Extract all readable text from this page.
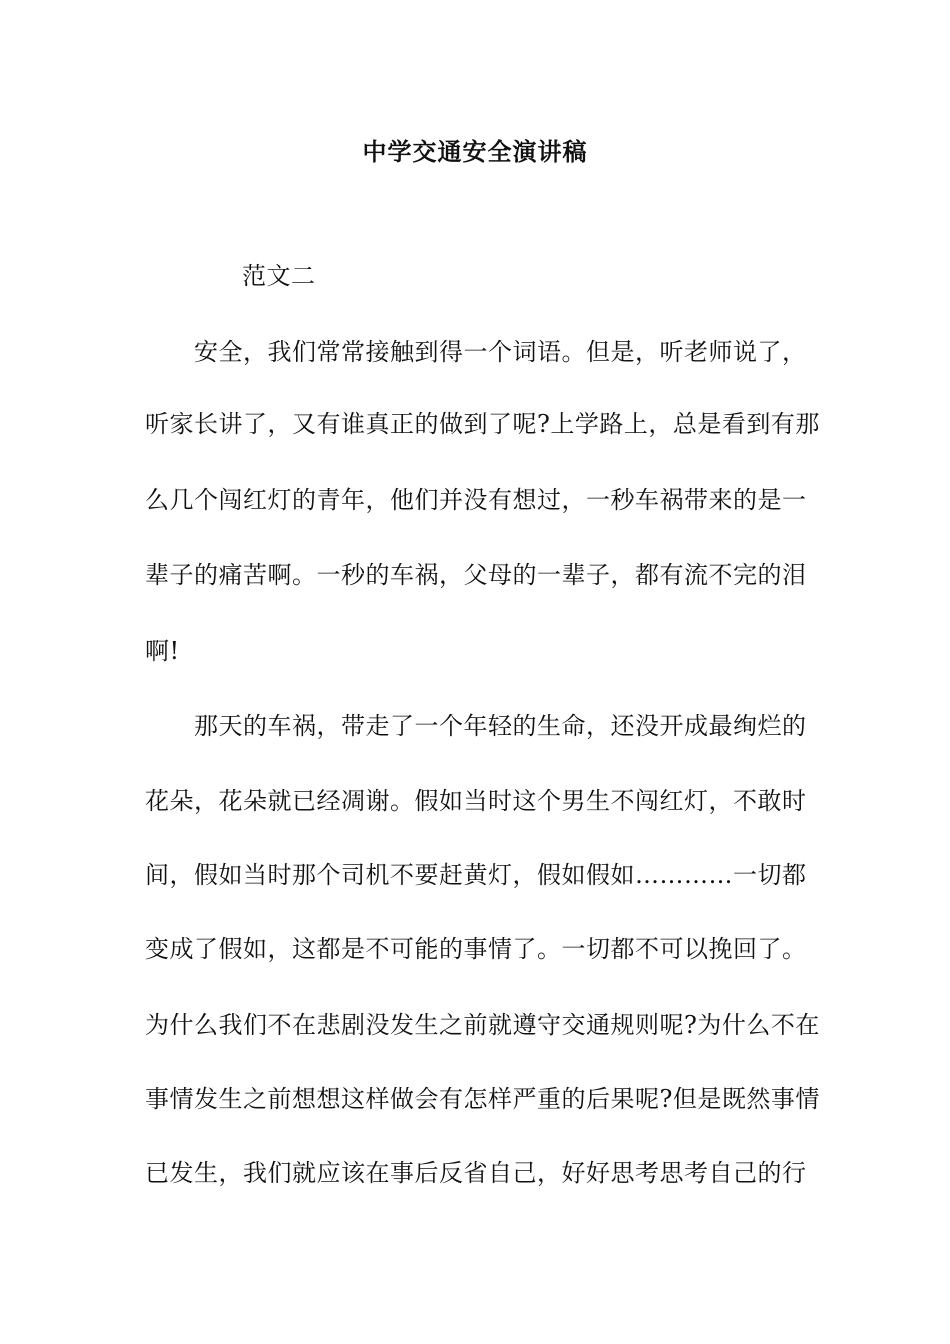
中学交通安全演讲稿

范文二

安全，我们常常接触到得一个词语。但是，听老师说了，

听家长讲了，又有谁真正的做到了呢?上学路上，总是看到有那

么几个闯红灯的青年，他们并没有想过，一秒车祸带来的是一

辈子的痛苦啊。一秒的车祸，父母的一辈子，都有流不完的泪

啊!

那天的车祸，带走了一个年轻的生命，还没开成最绚烂的

花朵，花朵就已经凋谢。假如当时这个男生不闯红灯，不敢时

间，假如当时那个司机不要赶黄灯，假如假如…………一切都

变成了假如，这都是不可能的事情了。一切都不可以挽回了。

为什么我们不在悲剧没发生之前就遵守交通规则呢?为什么不在

事情发生之前想想这样做会有怎样严重的后果呢?但是既然事情

已发生，我们就应该在事后反省自己，好好思考思考自己的行
